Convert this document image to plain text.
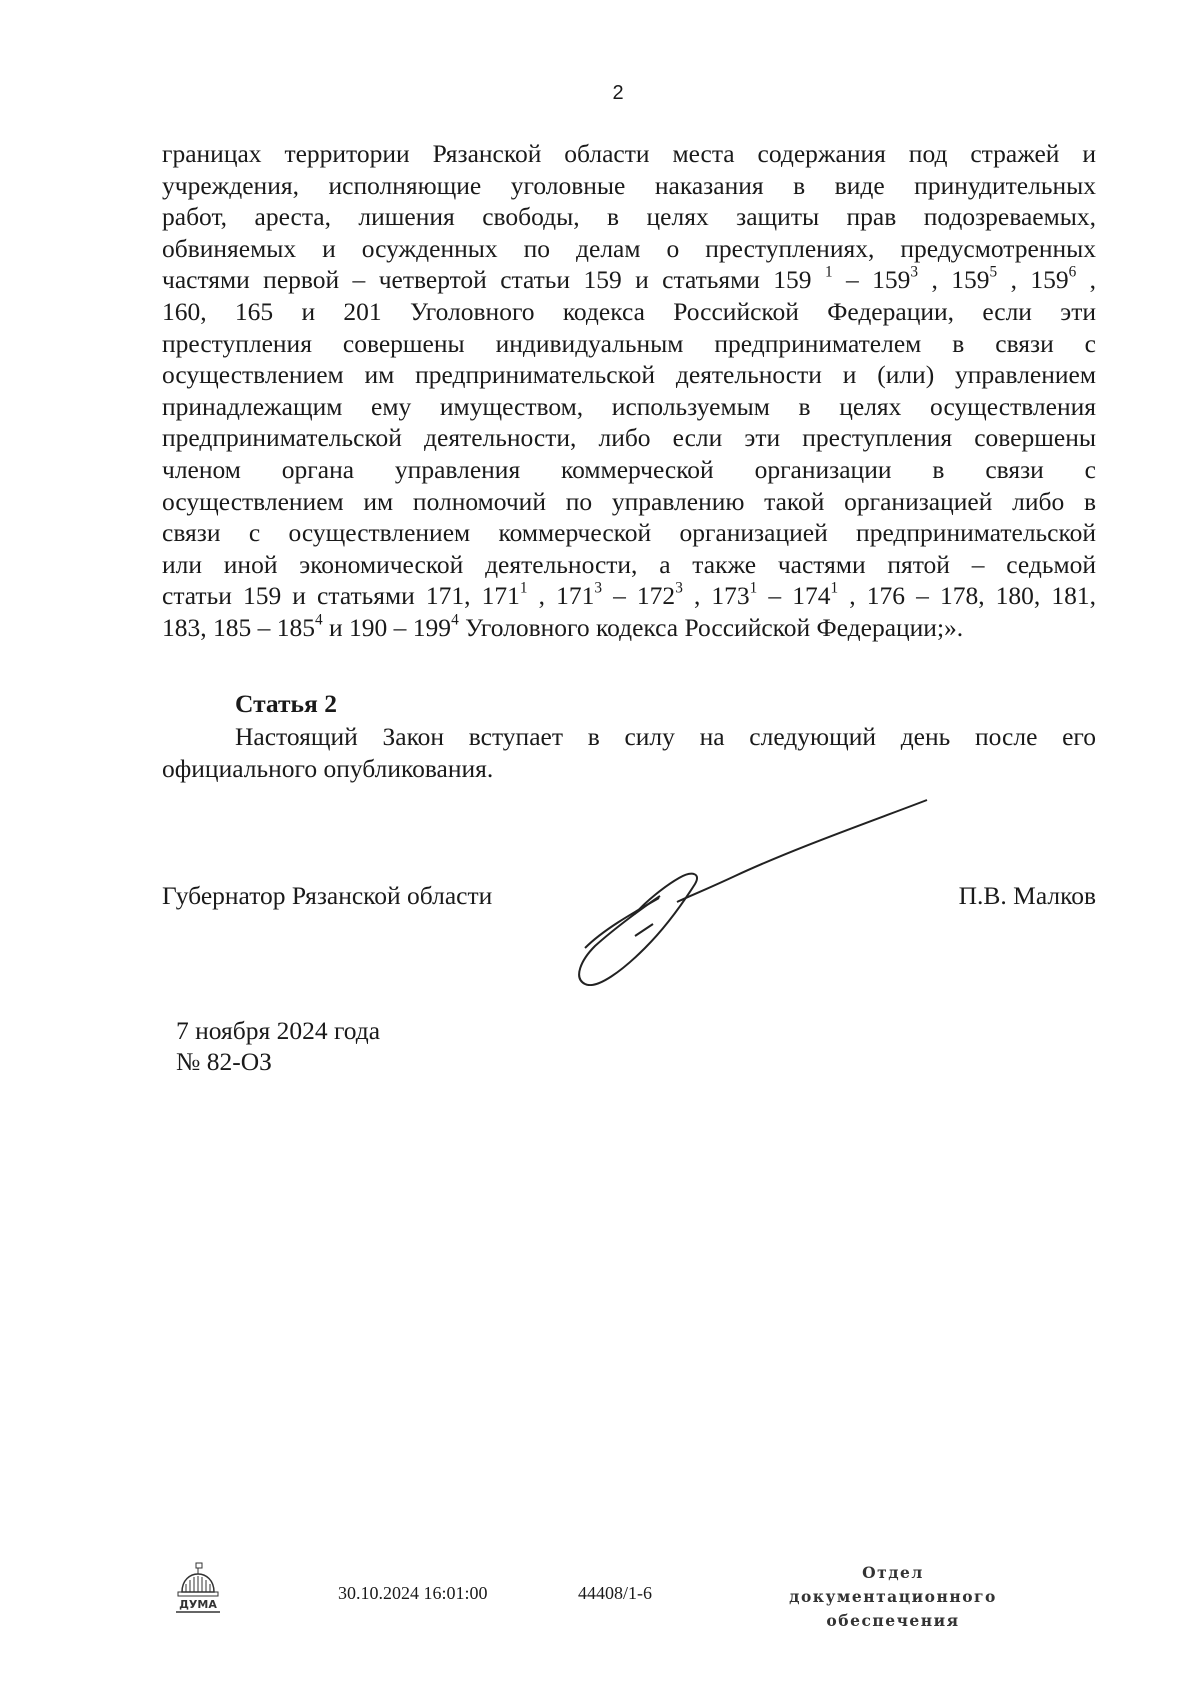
2
границах территории Рязанской области места содержания под стражей и
учреждения, исполняющие уголовные наказания в виде принудительных
работ, ареста, лишения свободы, в целях защиты прав подозреваемых,
обвиняемых и осужденных по делам о преступлениях, предусмотренных
частями первой – четвертой статьи 159 и статьями 159 $^1 - 159^3$ , $159^5$ , $159^6$ ,
160, 165 и 201 Уголовного кодекса Российской Федерации, если эти
преступления совершены индивидуальным предпринимателем в связи с
осуществлением им предпринимательской деятельности и (или) управлением
принадлежащим ему имуществом, используемым в целях осуществления
предпринимательской деятельности, либо если эти преступления совершены
членом органа управления коммерческой организации в связи с
осуществлением им полномочий по управлению такой организацией либо в
связи с осуществлением коммерческой организацией предпринимательской
или иной экономической деятельности, а также частями пятой – седьмой
статьи 159 и статьями 171, $171^1$ , $171^3 - 172^3$ , $173^1 - 174^1$ , 176 – 178, 180, 181,
183, $185 - 185^4$ и $190 - 199^4$ Уголовного кодекса Российской Федерации;».
Статья 2
Настоящий Закон вступает в силу на следующий день после его
официального опубликования.
Губернатор Рязанской области	П.В. Малков
7 ноября 2024 года
№ 82-ОЗ
ДУМА
30.10.2024 16:01:00	44408/1-6
Отдел документационного
обеспечения
